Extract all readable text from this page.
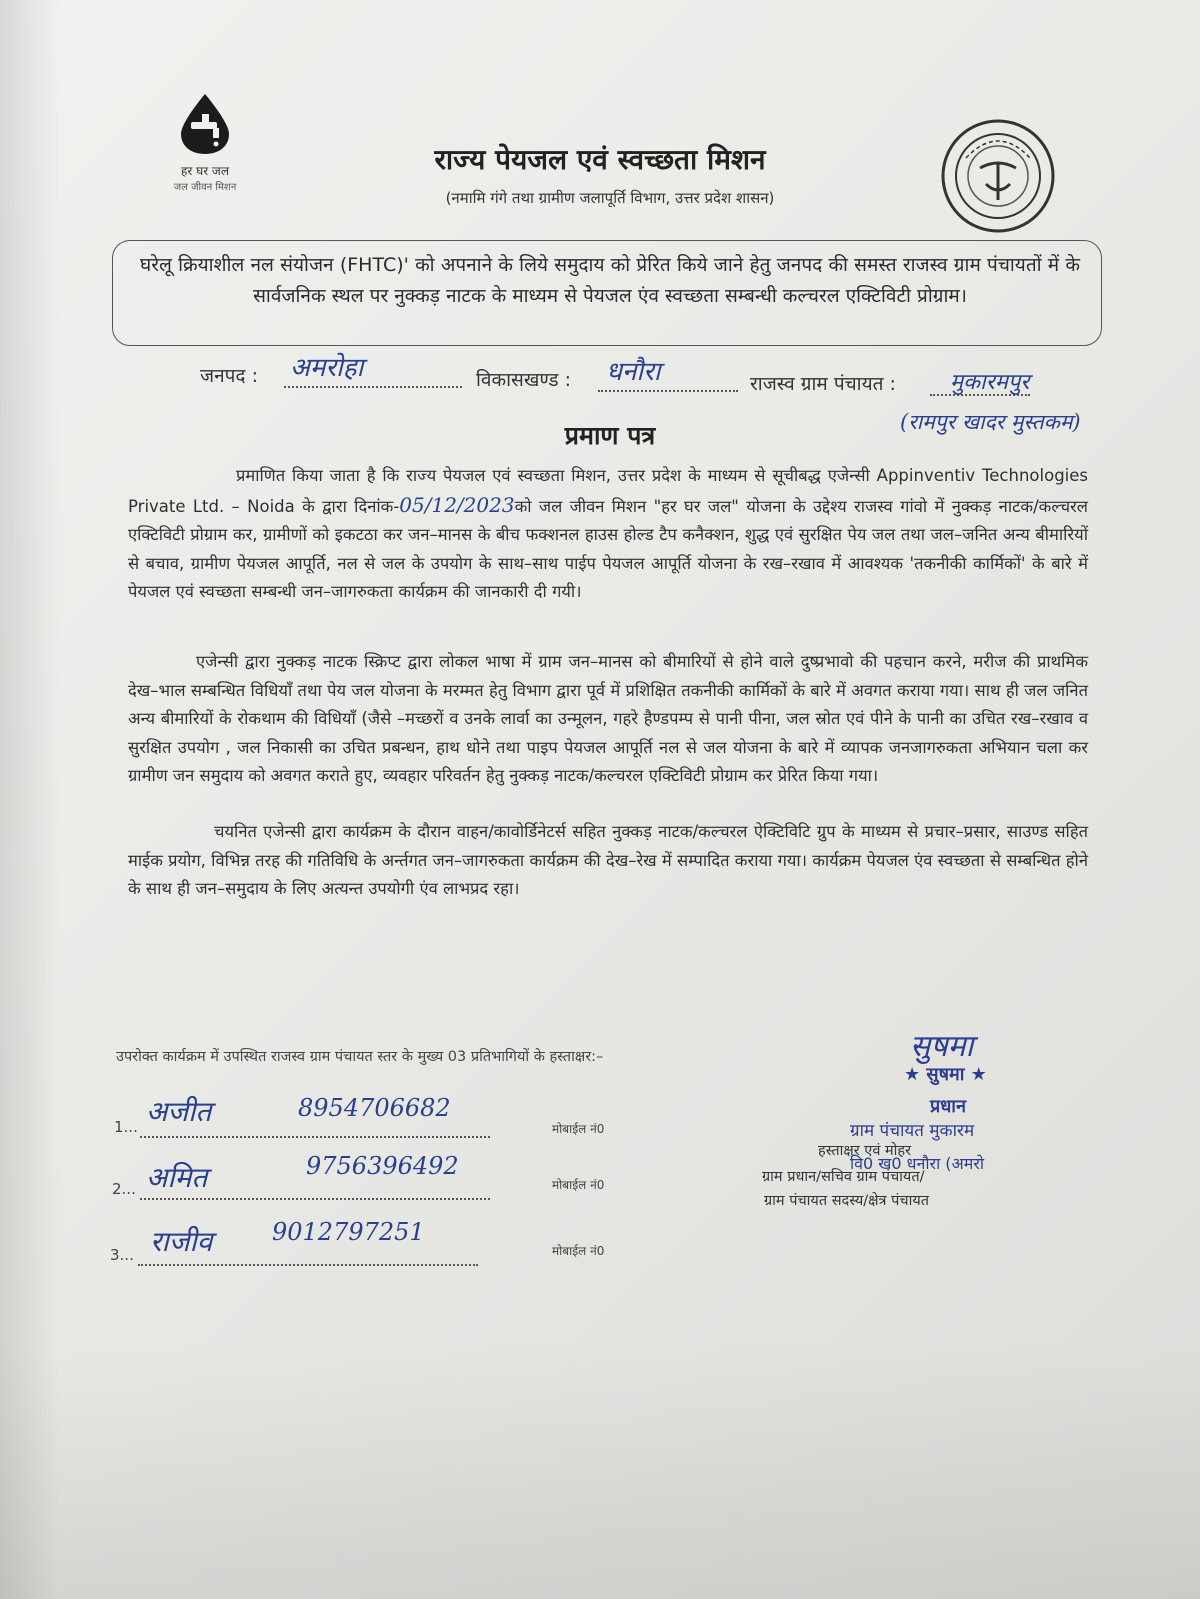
हर घर जल
जल जीवन मिशन
राज्य पेयजल एवं स्वच्छता मिशन
(नमामि गंगे तथा ग्रामीण जलापूर्ति विभाग, उत्तर प्रदेश शासन)
घरेलू क्रियाशील नल संयोजन (FHTC)' को अपनाने के लिये समुदाय को प्रेरित किये जाने हेतु जनपद की समस्त राजस्व ग्राम पंचायतों में के सार्वजनिक स्थल पर नुक्कड़ नाटक के माध्यम से पेयजल एंव स्वच्छता सम्बन्धी कल्चरल एक्टिविटी प्रोग्राम।
जनपद : अमरोहा	विकासखण्ड : धनौरा	राजस्व ग्राम पंचायत : मुकारमपुर
(रामपुर खादर मुस्तकम)
प्रमाण पत्र
प्रमाणित किया जाता है कि राज्य पेयजल एवं स्वच्छता मिशन, उत्तर प्रदेश के माध्यम से सूचीबद्ध एजेन्सी Appinventiv Technologies Private Ltd. – Noida के द्वारा दिनांक-05/12/2023को जल जीवन मिशन "हर घर जल" योजना के उद्देश्य राजस्व गांवो में नुक्कड़ नाटक/कल्चरल एक्टिविटी प्रोग्राम कर, ग्रामीणों को इकटठा कर जन–मानस के बीच फक्शनल हाउस होल्ड टैप कनैक्शन, शुद्ध एवं सुरक्षित पेय जल तथा जल–जनित अन्य बीमारियों से बचाव, ग्रामीण पेयजल आपूर्ति, नल से जल के उपयोग के साथ–साथ पाईप पेयजल आपूर्ति योजना के रख–रखाव में आवश्यक 'तकनीकी कार्मिकों' के बारे में पेयजल एवं स्वच्छता सम्बन्धी जन–जागरुकता कार्यक्रम की जानकारी दी गयी।
एजेन्सी द्वारा नुक्कड़ नाटक स्क्रिप्ट द्वारा लोकल भाषा में ग्राम जन–मानस को बीमारियों से होने वाले दुष्प्रभावो की पहचान करने, मरीज की प्राथमिक देख–भाल सम्बन्धित विधियाँ तथा पेय जल योजना के मरम्मत हेतु विभाग द्वारा पूर्व में प्रशिक्षित तकनीकी कार्मिकों के बारे में अवगत कराया गया। साथ ही जल जनित अन्य बीमारियों के रोकथाम की विधियाँ (जैसे –मच्छरों व उनके लार्वा का उन्मूलन, गहरे हैण्डपम्प से पानी पीना, जल स्रोत एवं पीने के पानी का उचित रख–रखाव व सुरक्षित उपयोग , जल निकासी का उचित प्रबन्धन, हाथ धोने तथा पाइप पेयजल आपूर्ति नल से जल योजना के बारे में व्यापक जनजागरुकता अभियान चला कर ग्रामीण जन समुदाय को अवगत कराते हुए, व्यवहार परिवर्तन हेतु नुक्कड़ नाटक/कल्चरल एक्टिविटी प्रोग्राम कर प्रेरित किया गया।
चयनित एजेन्सी द्वारा कार्यक्रम के दौरान वाहन/कावोर्डिनेटर्स सहित नुक्कड़ नाटक/कल्चरल ऐक्टिविटि ग्रुप के माध्यम से प्रचार–प्रसार, साउण्ड सहित माईक प्रयोग, विभिन्न तरह की गतिविधि के अर्न्तगत जन–जागरुकता कार्यक्रम की देख–रेख में सम्पादित कराया गया। कार्यक्रम पेयजल एंव स्वच्छता से सम्बन्धित होने के साथ ही जन–समुदाय के लिए अत्यन्त उपयोगी एंव लाभप्रद रहा।
उपरोक्त कार्यक्रम में उपस्थित राजस्व ग्राम पंचायत स्तर के मुख्य 03 प्रतिभागियों के हस्ताक्षर:–
1... अजीत	8954706682
मोबाईल नं0
2... अमित	9756396492
मोबाईल नं0
3... राजीव 9012797251
मोबाईल नं0
सुषमा
★ सुषमा ★
प्रधान
ग्राम पंचायत मुकारम
वि0 ख0 धनौरा (अमरो
हस्ताक्षर एवं मोहर
ग्राम प्रधान/सचिव ग्राम पंचायत/
ग्राम पंचायत सदस्य/क्षेत्र पंचायत
